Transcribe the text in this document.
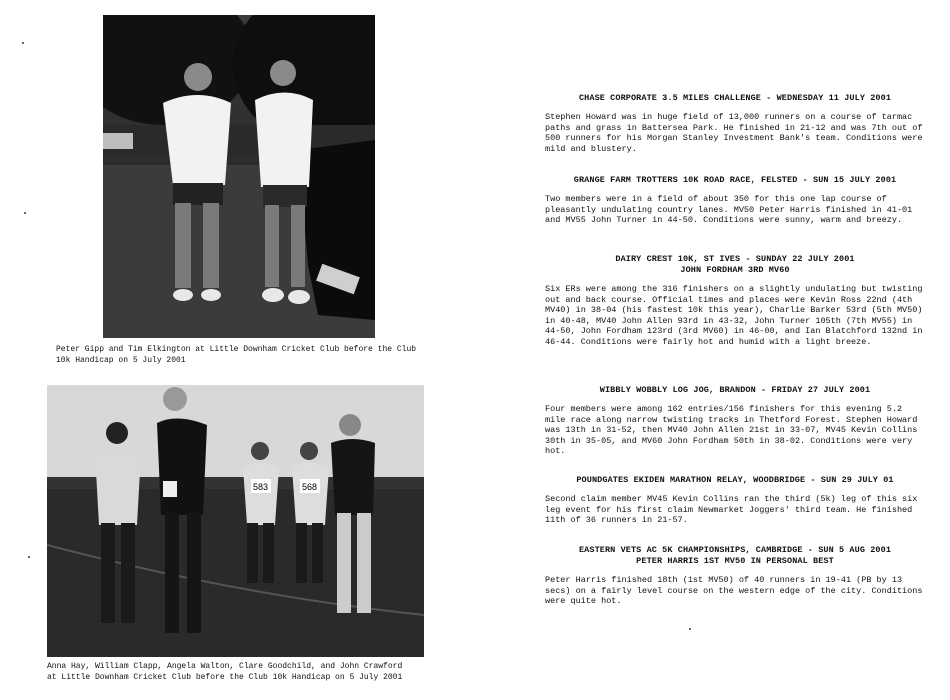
Peter Gipp and Tim Elkington at Little Downham Cricket Club before the Club
10k Handicap on 5 July 2001
583	568
Anna Hay, William Clapp, Angela Walton, Clare Goodchild, and John Crawford
at Little Downham Cricket Club before the Club 10k Handicap on 5 July 2001
CHASE CORPORATE 3.5 MILES CHALLENGE - WEDNESDAY 11 JULY 2001

Stephen Howard was in huge field of 13,000 runners on a course of tarmac paths and grass in Battersea Park. He finished in 21-12 and was 7th out of 500 runners for his Morgan Stanley Investment Bank's team. Conditions were mild and blustery.

GRANGE FARM TROTTERS 10K ROAD RACE, FELSTED - SUN 15 JULY 2001

Two members were in a field of about 350 for this one lap course of pleasantly undulating country lanes. MV50 Peter Harris finished in 41-01 and MV55 John Turner in 44-50. Conditions were sunny, warm and breezy.

DAIRY CREST 10K, ST IVES - SUNDAY 22 JULY 2001
JOHN FORDHAM 3RD MV60

Six ERs were among the 316 finishers on a slightly undulating but twisting out and back course. Official times and places were Kevin Ross 22nd (4th MV40) in 38-04 (his fastest 10k this year), Charlie Barker 53rd (5th MV50) in 40-48, MV40 John Allen 93rd in 43-32, John Turner 105th (7th MV55) in 44-50, John Fordham 123rd (3rd MV60) in 46-00, and Ian Blatchford 132nd in 46-44. Conditions were fairly hot and humid with a light breeze.

WIBBLY WOBBLY LOG JOG, BRANDON - FRIDAY 27 JULY 2001

Four members were among 162 entries/156 finishers for this evening 5.2 mile race along narrow twisting tracks in Thetford Forest. Stephen Howard was 13th in 31-52, then MV40 John Allen 21st in 33-07, MV45 Kevin Collins 30th in 35-05, and MV60 John Fordham 50th in 38-02. Conditions were very hot.

POUNDGATES EKIDEN MARATHON RELAY, WOODBRIDGE - SUN 29 JULY 01

Second claim member MV45 Kevin Collins ran the third (5k) leg of this six leg event for his first claim Newmarket Joggers' third team. He finished 11th of 36 runners in 21-57.

EASTERN VETS AC 5K CHAMPIONSHIPS, CAMBRIDGE - SUN 5 AUG 2001
PETER HARRIS 1ST MV50 IN PERSONAL BEST

Peter Harris finished 18th (1st MV50) of 40 runners in 19-41 (PB by 13 secs) on a fairly level course on the western edge of the city. Conditions were quite hot.
